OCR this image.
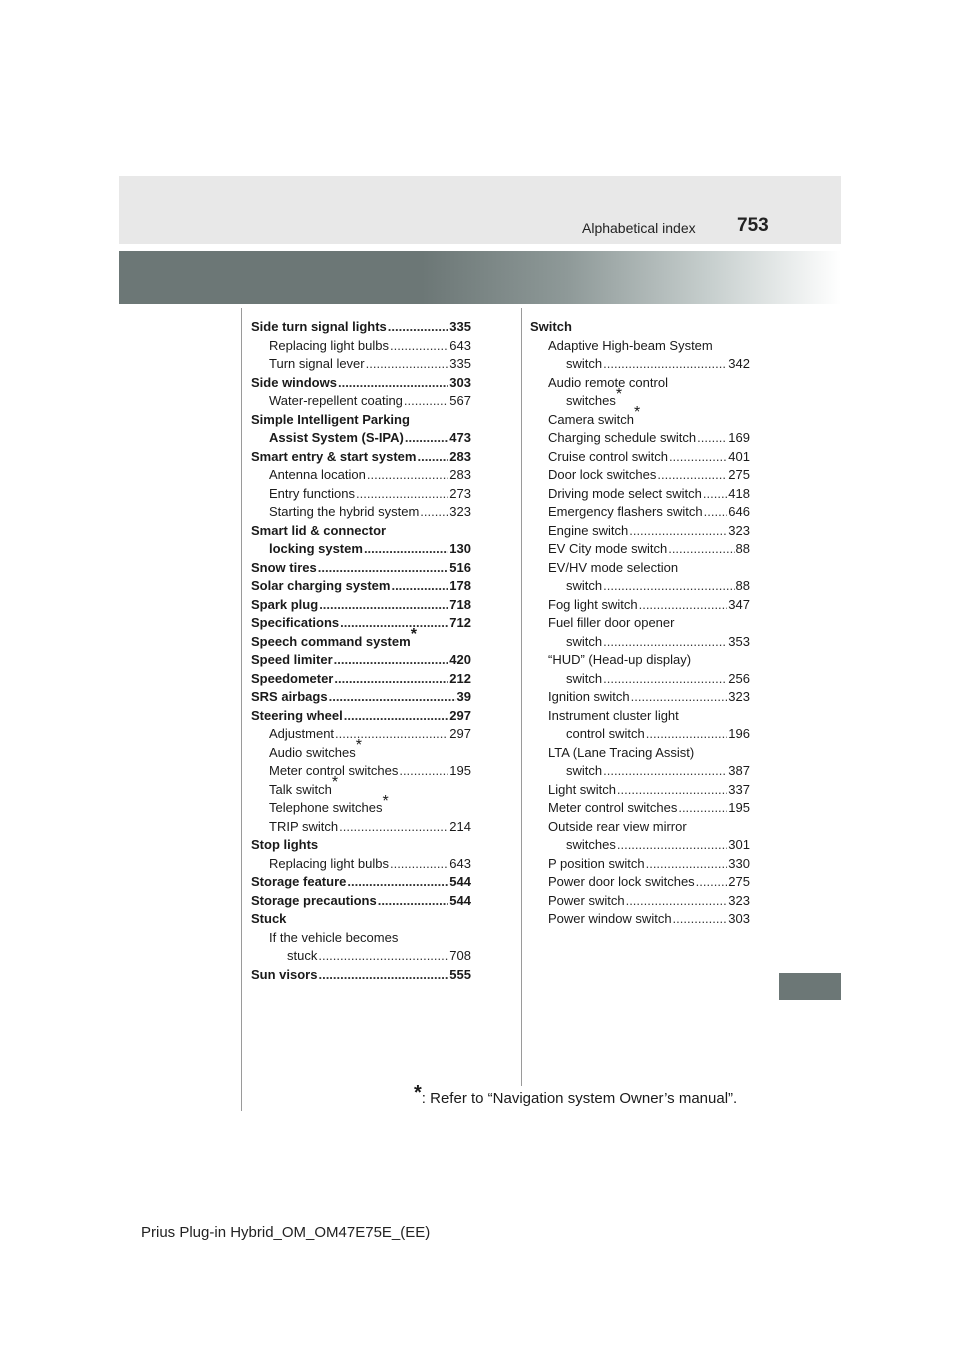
Alphabetical index 753
Side turn signal lights .....	335
Replacing light bulbs .....	643
Turn signal lever .....	335
Side windows .....	303
Water-repellent coating .....	567
Simple Intelligent Parking
Assist System (S-IPA) .....	473
Smart entry & start system .....	283
Antenna location .....	283
Entry functions .....	273
Starting the hybrid system ..... 323
Smart lid & connector
locking system .....	130
Snow tires .....	516
Solar charging system .....	178
Spark plug .....	718
Specifications .....	712
Speech command system*
Speed limiter .....	420
Speedometer .....	212
SRS airbags .....	39
Steering wheel .....	297
Adjustment .....	297
Audio switches*
Meter control switches .....	195
Talk switch*
Telephone switches*
TRIP switch .....	214
Stop lights
Replacing light bulbs .....	643
Storage feature .....	544
Storage precautions .....	544
Stuck
If the vehicle becomes
stuck .....	708
Sun visors .....	555
Switch
Adaptive High-beam System
switch .....	342
Audio remote control
switches*
Camera switch*
Charging schedule switch ..... 169
Cruise control switch .....	401
Door lock switches .....	275
Driving mode select switch ..... 418
Emergency flashers switch ..... 646
Engine switch .....	323
EV City mode switch .....	88
EV/HV mode selection
switch .....	88
Fog light switch .....	347
Fuel filler door opener
switch .....	353
“HUD” (Head-up display)
switch .....	256
Ignition switch .....	323
Instrument cluster light
control switch .....	196
LTA (Lane Tracing Assist)
switch .....	387
Light switch .....	337
Meter control switches .....	195
Outside rear view mirror
switches .....	301
P position switch .....	330
Power door lock switches .....	275
Power switch .....	323
Power window switch .....	303
*: Refer to “Navigation system Owner’s manual”.
Prius Plug-in Hybrid_OM_OM47E75E_(EE)
